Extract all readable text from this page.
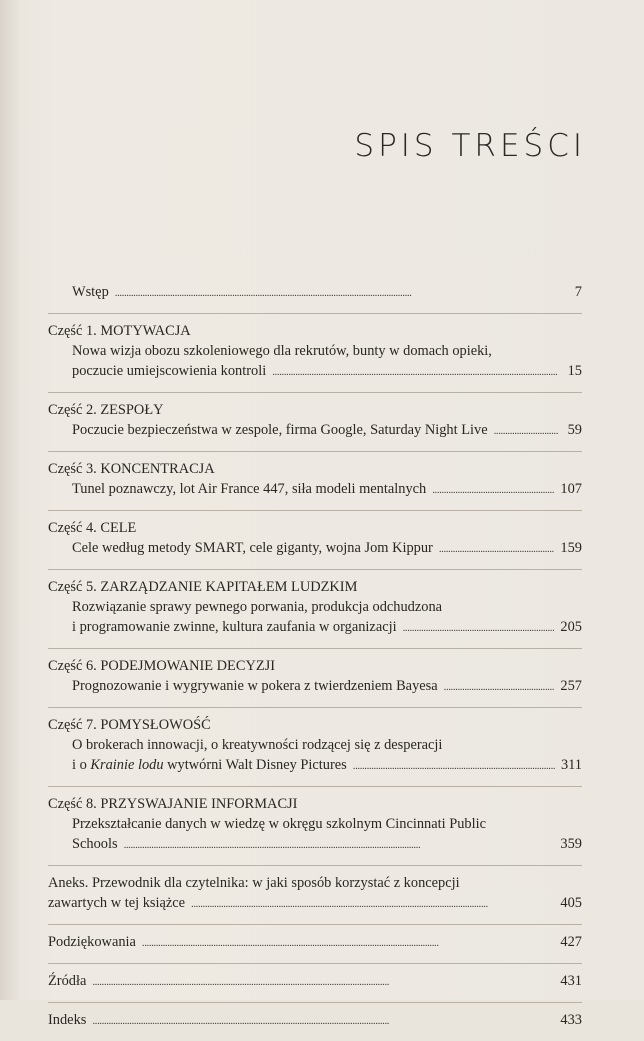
SPIS TREŚCI
Wstęp . . .	7
Część 1. MOTYWACJA
Nowa wizja obozu szkoleniowego dla rekrutów, bunty w domach opieki,
poczucie umiejscowienia kontroli . . .	15
Część 2. ZESPOŁY
Poczucie bezpieczeństwa w zespole, firma Google, Saturday Night Live . . .	59
Część 3. KONCENTRACJA
Tunel poznawczy, lot Air France 447, siła modeli mentalnych . . .	107
Część 4. CELE
Cele według metody SMART, cele giganty, wojna Jom Kippur . . .	159
Część 5. ZARZĄDZANIE KAPITAŁEM LUDZKIM
Rozwiązanie sprawy pewnego porwania, produkcja odchudzona
i programowanie zwinne, kultura zaufania w organizacji . . .	205
Część 6. PODEJMOWANIE DECYZJI
Prognozowanie i wygrywanie w pokera z twierdzeniem Bayesa . . .	257
Część 7. POMYSŁOWOŚĆ
O brokerach innowacji, o kreatywności rodzącej się z desperacji
i o Krainie lodu wytwórni Walt Disney Pictures . . .	311
Część 8. PRZYSWAJANIE INFORMACJI
Przekształcanie danych w wiedzę w okręgu szkolnym Cincinnati Public
Schools . . .	359
Aneks. Przewodnik dla czytelnika: w jaki sposób korzystać z koncepcji
zawartych w tej książce . . .	405
Podziękowania . . .	427
Źródła . . .	431
Indeks . . .	433
